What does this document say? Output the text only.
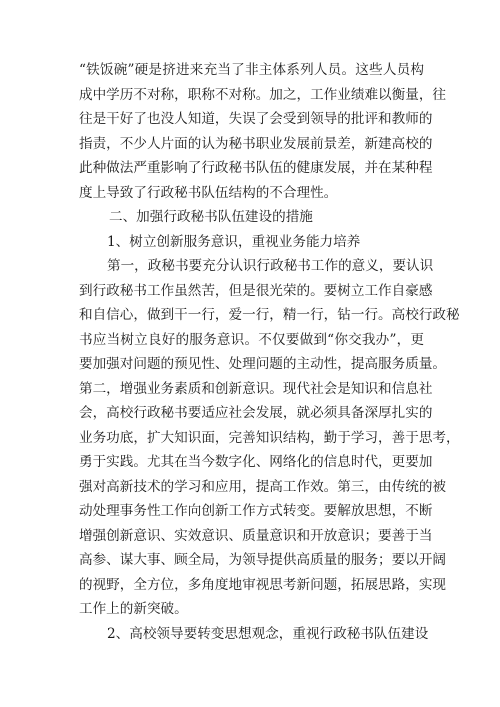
“铁饭碗”硬是挤进来充当了非主体系列人员。这些人员构
成中学历不对称，职称不对称。加之，工作业绩难以衡量，往
往是干好了也没人知道，失误了会受到领导的批评和教师的
指责，不少人片面的认为秘书职业发展前景差，新建高校的
此种做法严重影响了行政秘书队伍的健康发展，并在某种程
度上导致了行政秘书队伍结构的不合理性。
二、加强行政秘书队伍建设的措施
1、树立创新服务意识，重视业务能力培养
第一，政秘书要充分认识行政秘书工作的意义，要认识
到行政秘书工作虽然苦，但是很光荣的。要树立工作自豪感
和自信心，做到干一行，爱一行，精一行，钻一行。高校行政秘
书应当树立良好的服务意识。不仅要做到“你交我办”，更
要加强对问题的预见性、处理问题的主动性，提高服务质量。
第二，增强业务素质和创新意识。现代社会是知识和信息社
会，高校行政秘书要适应社会发展，就必须具备深厚扎实的
业务功底，扩大知识面，完善知识结构，勤于学习，善于思考，
勇于实践。尤其在当今数字化、网络化的信息时代，更要加
强对高新技术的学习和应用，提高工作效。第三，由传统的被
动处理事务性工作向创新工作方式转变。要解放思想，不断
增强创新意识、实效意识、质量意识和开放意识；要善于当
高参、谋大事、顾全局，为领导提供高质量的服务；要以开阔
的视野，全方位，多角度地审视思考新问题，拓展思路，实现
工作上的新突破。
2、高校领导要转变思想观念，重视行政秘书队伍建设
